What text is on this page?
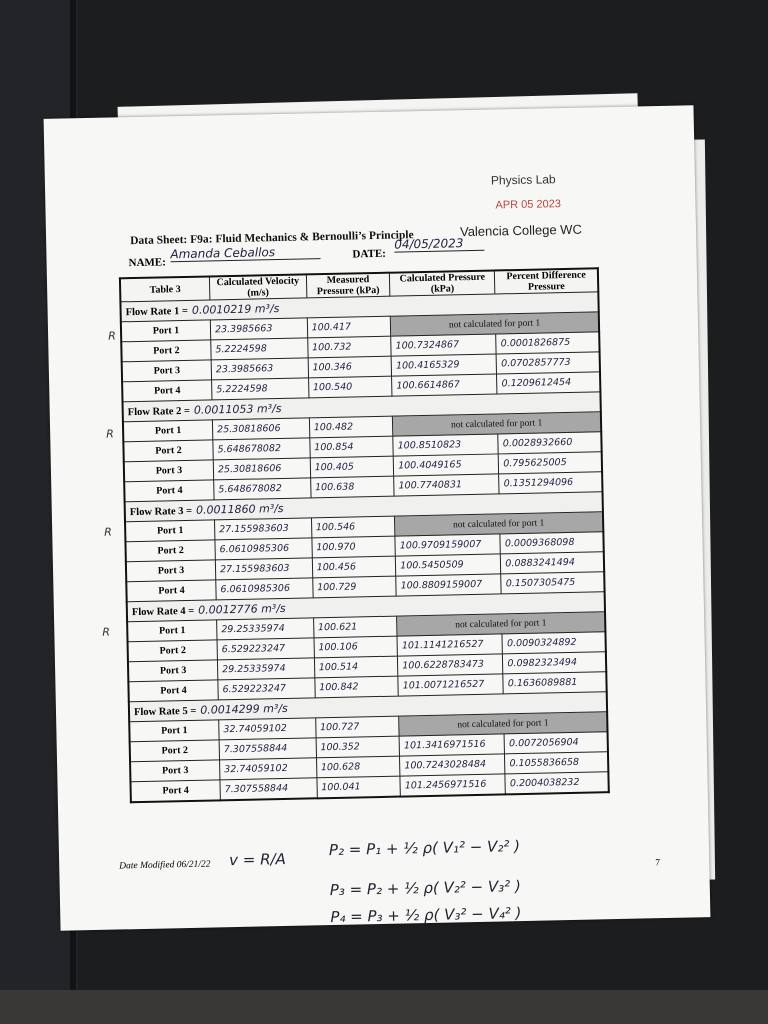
Physics Lab
APR 05 2023
Valencia College WC
Data Sheet: F9a: Fluid Mechanics & Bernoulli’s Principle
NAME:
Amanda Ceballos	DATE:
04/05/2023
R
R
R
R
Table 3	Calculated Velocity (m/s)	Measured Pressure (kPa)	Calculated Pressure (kPa)	Percent Difference Pressure
Flow Rate 1 = 0.0010219 m³/s				
Port 1	23.3985663	100.417	not calculated for port 1	
Port 2	5.2224598	100.732	100.7324867	0.0001826875
Port 3	23.3985663	100.346	100.4165329	0.0702857773
Port 4	5.2224598	100.540	100.6614867	0.1209612454
Flow Rate 2 = 0.0011053 m³/s				
Port 1	25.30818606	100.482	not calculated for port 1	
Port 2	5.648678082	100.854	100.8510823	0.0028932660
Port 3	25.30818606	100.405	100.4049165	0.795625005
Port 4	5.648678082	100.638	100.7740831	0.1351294096
Flow Rate 3 = 0.0011860 m³/s				
Port 1	27.155983603	100.546	not calculated for port 1	
Port 2	6.0610985306	100.970	100.9709159007	0.0009368098
Port 3	27.155983603	100.456	100.5450509	0.0883241494
Port 4	6.0610985306	100.729	100.8809159007	0.1507305475
Flow Rate 4 = 0.0012776 m³/s				
Port 1	29.25335974	100.621	not calculated for port 1	
Port 2	6.529223247	100.106	101.1141216527	0.0090324892
Port 3	29.25335974	100.514	100.6228783473	0.0982323494
Port 4	6.529223247	100.842	101.0071216527	0.1636089881
Flow Rate 5 = 0.0014299 m³/s				
Port 1	32.74059102	100.727	not calculated for port 1	
Port 2	7.307558844	100.352	101.3416971516	0.0072056904
Port 3	32.74059102	100.628	100.7243028484	0.1055836658
Port 4	7.307558844	100.041	101.2456971516	0.2004038232
Date Modified 06/21/22	7
v = R/A
P₂ = P₁ + ½ ρ( V₁² − V₂² )
P₃ = P₂ + ½ ρ( V₂² − V₃² )
P₄ = P₃ + ½ ρ( V₃² − V₄² )
